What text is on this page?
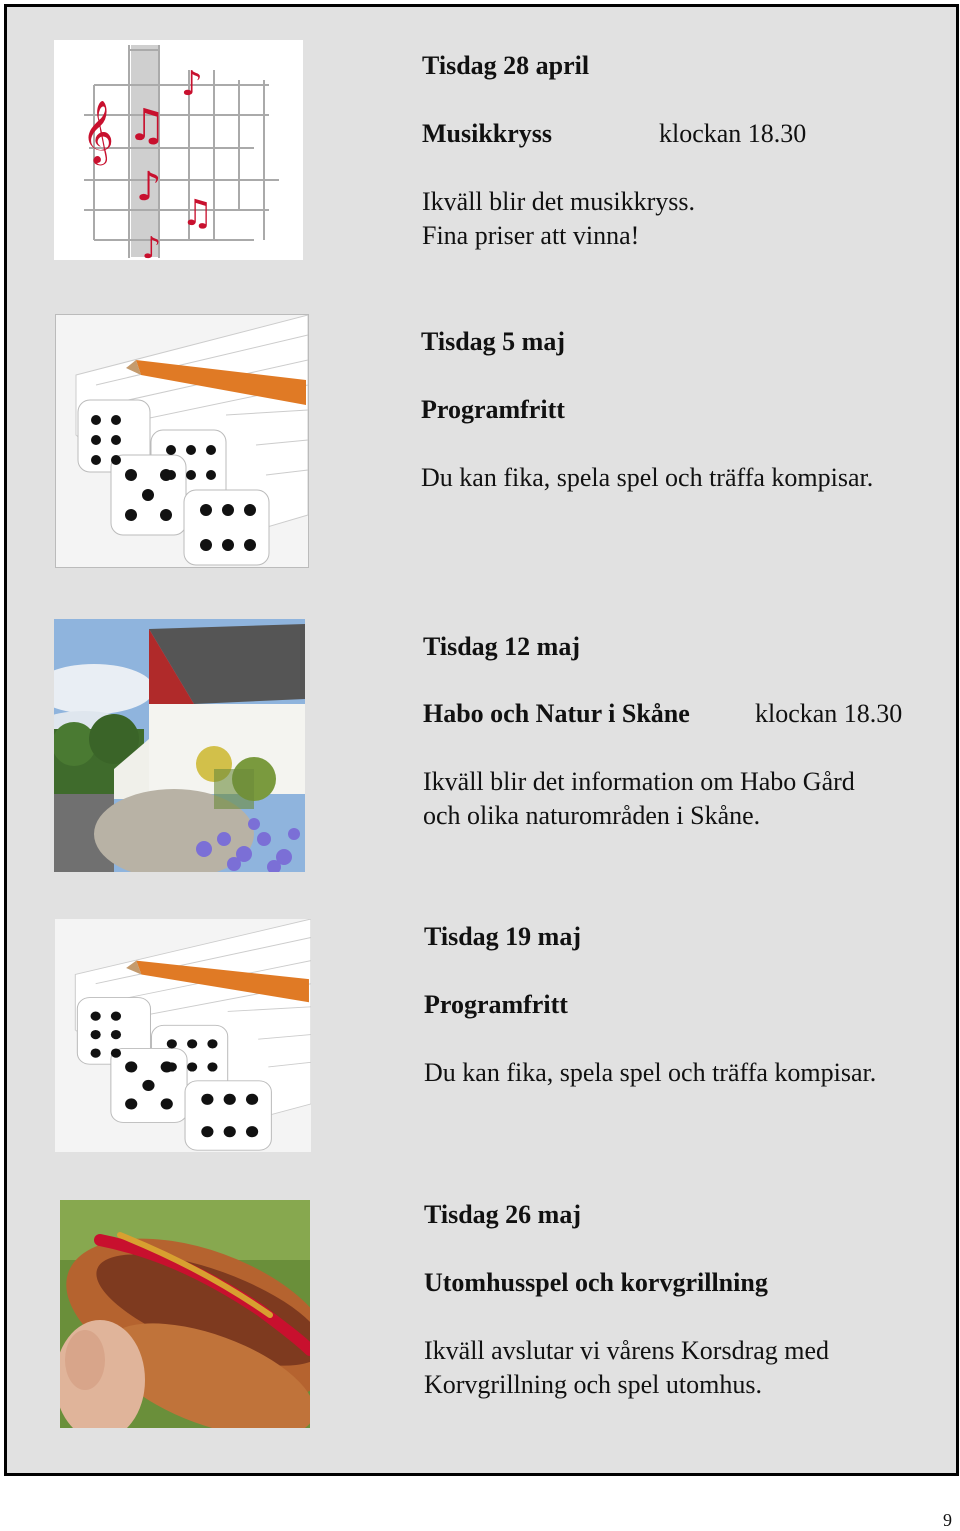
𝄞 ♫
♪
♪
♫
♪
Tisdag 28 april
Musikkryss	klockan 18.30
Ikväll blir det musikkryss.
Fina priser att vinna!
Tisdag 5 maj
Programfritt
Du kan fika, spela spel och träffa kompisar.
Tisdag 12 maj
Habo och Natur i Skåne	klockan 18.30
Ikväll blir det information om Habo Gård
och olika naturområden i Skåne.
Tisdag 19 maj
Programfritt
Du kan fika, spela spel och träffa kompisar.
Tisdag 26 maj
Utomhusspel och korvgrillning
Ikväll avslutar vi vårens Korsdrag med
Korvgrillning och spel utomhus.
9
